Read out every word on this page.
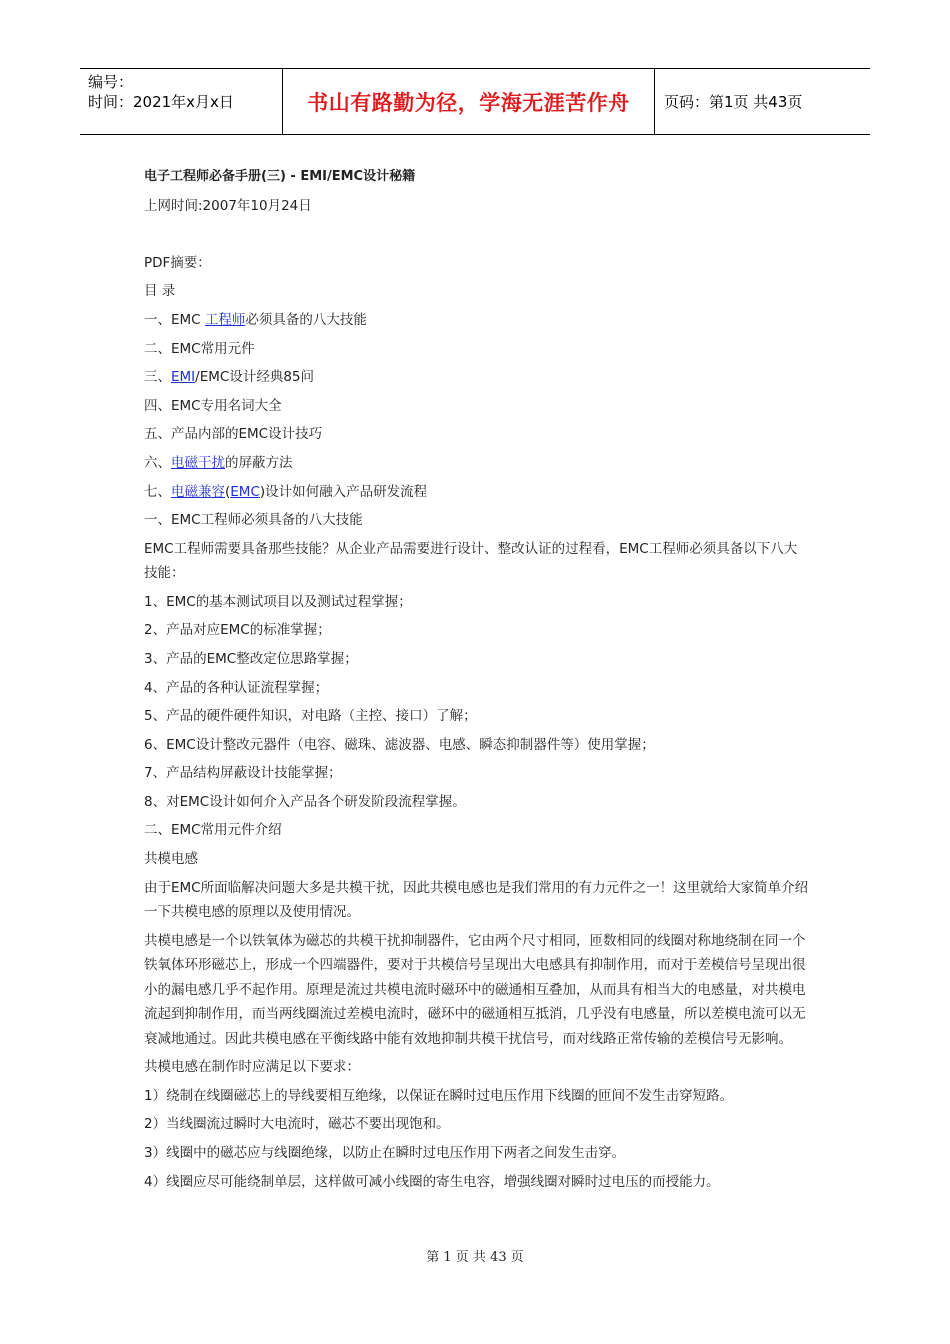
编号：
时间：2021年x月x日	书山有路勤为径，学海无涯苦作舟	页码：第1页 共43页

电子工程师必备手册(三) - EMI/EMC设计秘籍

上网时间:2007年10月24日

PDF摘要：

目 录

一、EMC 工程师必须具备的八大技能

二、EMC常用元件

三、EMI/EMC设计经典85问

四、EMC专用名词大全

五、产品内部的EMC设计技巧

六、电磁干扰的屏蔽方法

七、电磁兼容(EMC)设计如何融入产品研发流程

一、EMC工程师必须具备的八大技能

EMC工程师需要具备那些技能？从企业产品需要进行设计、整改认证的过程看，EMC工程师必须具备以下八大技能：

1、EMC的基本测试项目以及测试过程掌握；

2、产品对应EMC的标准掌握；

3、产品的EMC整改定位思路掌握；

4、产品的各种认证流程掌握；

5、产品的硬件硬件知识，对电路（主控、接口）了解；

6、EMC设计整改元器件（电容、磁珠、滤波器、电感、瞬态抑制器件等）使用掌握；

7、产品结构屏蔽设计技能掌握；

8、对EMC设计如何介入产品各个研发阶段流程掌握。

二、EMC常用元件介绍

共模电感

由于EMC所面临解决问题大多是共模干扰，因此共模电感也是我们常用的有力元件之一！这里就给大家简单介绍一下共模电感的原理以及使用情况。

共模电感是一个以铁氧体为磁芯的共模干扰抑制器件，它由两个尺寸相同，匝数相同的线圈对称地绕制在同一个铁氧体环形磁芯上，形成一个四端器件，要对于共模信号呈现出大电感具有抑制作用，而对于差模信号呈现出很小的漏电感几乎不起作用。原理是流过共模电流时磁环中的磁通相互叠加，从而具有相当大的电感量，对共模电流起到抑制作用，而当两线圈流过差模电流时，磁环中的磁通相互抵消，几乎没有电感量，所以差模电流可以无衰减地通过。因此共模电感在平衡线路中能有效地抑制共模干扰信号，而对线路正常传输的差模信号无影响。

共模电感在制作时应满足以下要求：

1）绕制在线圈磁芯上的导线要相互绝缘，以保证在瞬时过电压作用下线圈的匝间不发生击穿短路。

2）当线圈流过瞬时大电流时，磁芯不要出现饱和。

3）线圈中的磁芯应与线圈绝缘，以防止在瞬时过电压作用下两者之间发生击穿。

4）线圈应尽可能绕制单层，这样做可减小线圈的寄生电容，增强线圈对瞬时过电压的而授能力。

第 1 页 共 43 页
